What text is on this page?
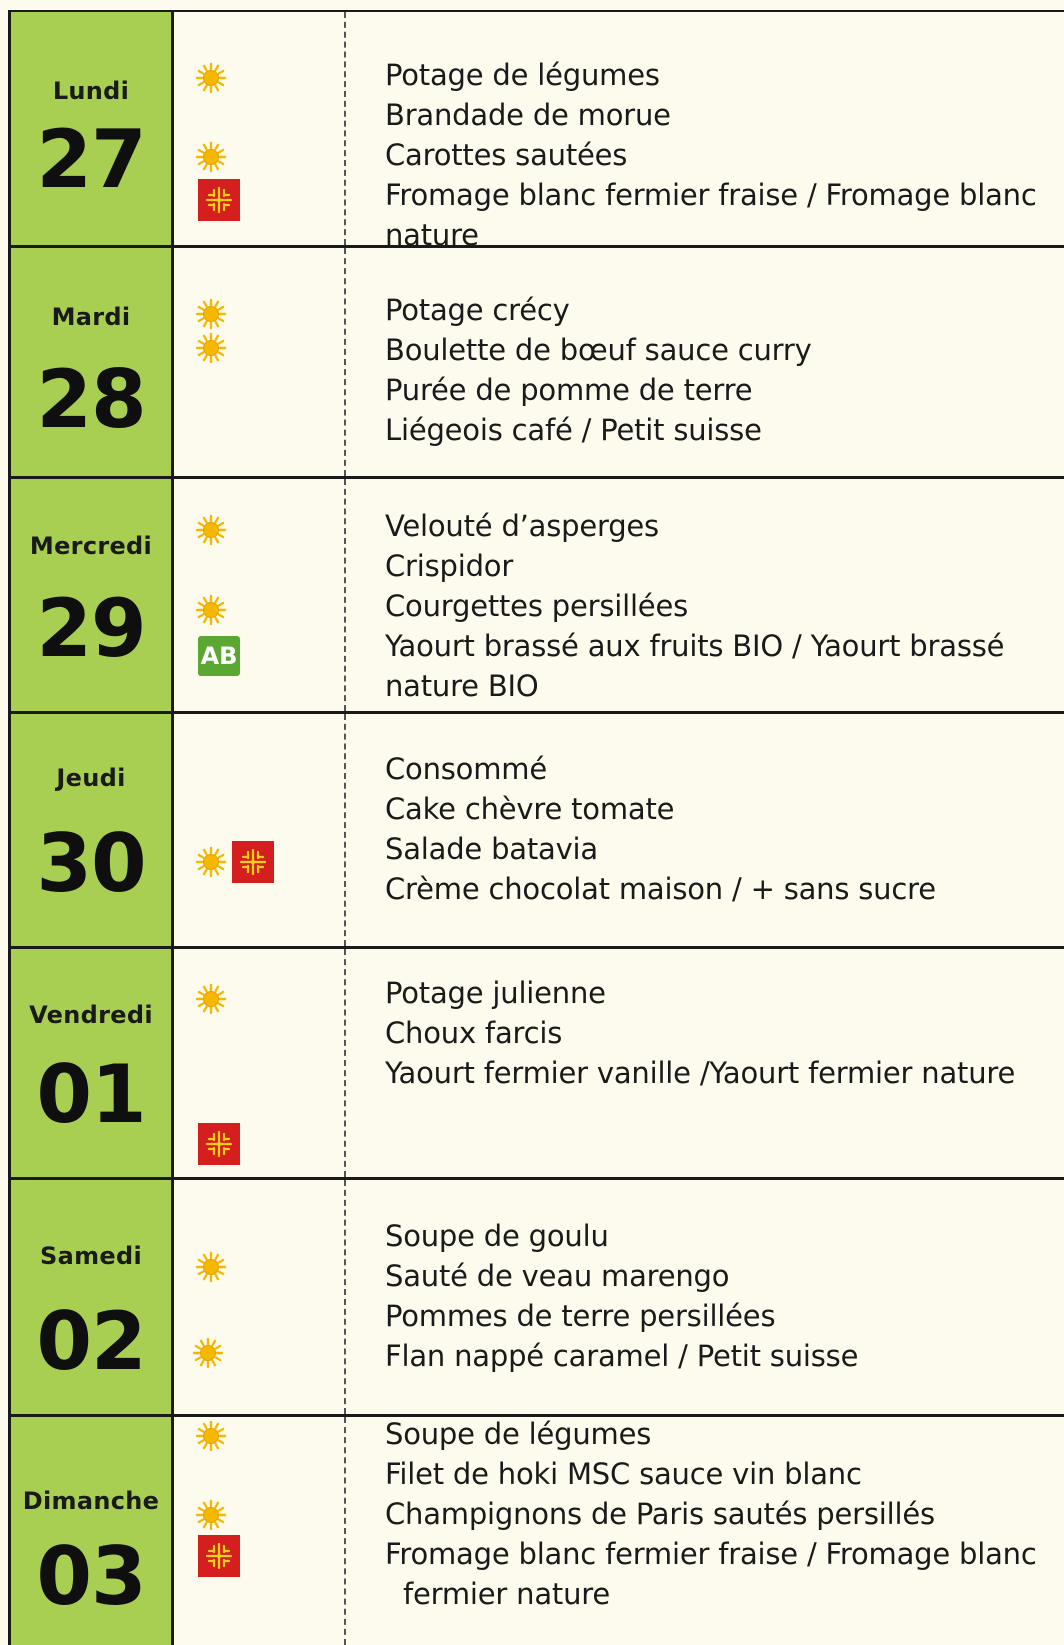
Lundi
27
Potage de légumes
Brandade de morue
Carottes sautées
Fromage blanc fermier fraise / Fromage blanc
nature
Mardi
28
Potage crécy
Boulette de bœuf sauce curry
Purée de pomme de terre
Liégeois café / Petit suisse
Mercredi
29	AB
Velouté d’asperges
Crispidor
Courgettes persillées
Yaourt brassé aux fruits BIO / Yaourt brassé
nature BIO
Jeudi
30
Consommé
Cake chèvre tomate
Salade batavia
Crème chocolat maison / + sans sucre
Vendredi
01
Potage julienne
Choux farcis
Yaourt fermier vanille /Yaourt fermier nature
Samedi
02
Soupe de goulu
Sauté de veau marengo
Pommes de terre persillées
Flan nappé caramel / Petit suisse
Dimanche
03
Soupe de légumes
Filet de hoki MSC sauce vin blanc
Champignons de Paris sautés persillés
Fromage blanc fermier fraise / Fromage blanc
fermier nature
